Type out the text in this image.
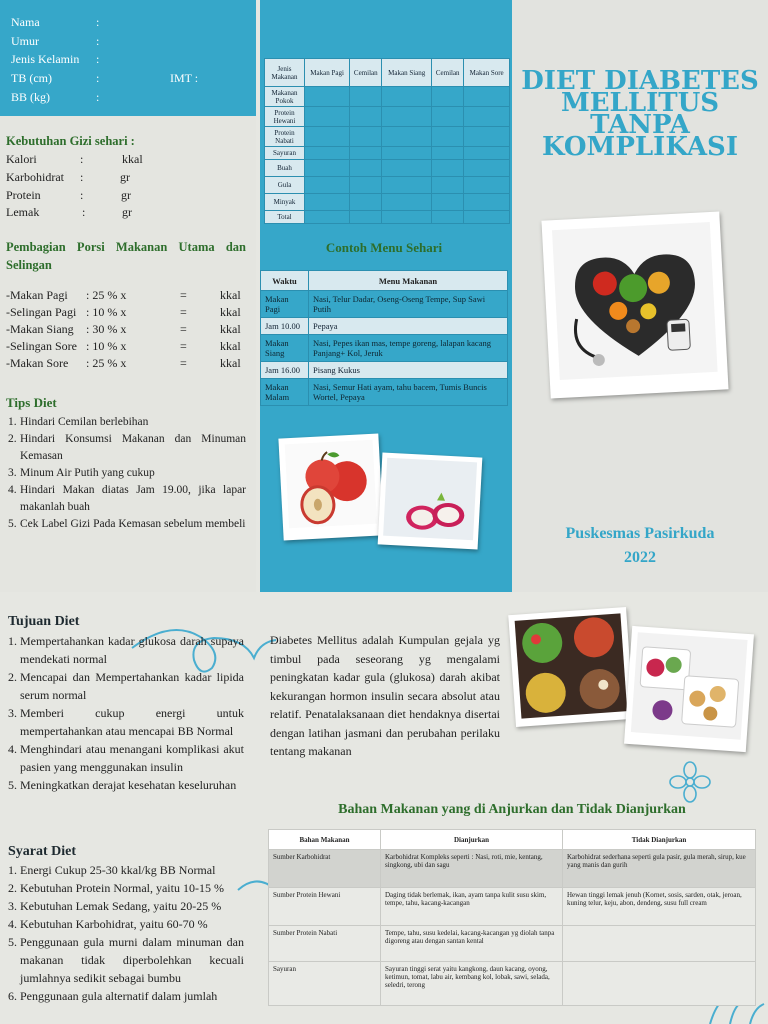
Nama	:
Umur	:
Jenis Kelamin :
TB (cm)	:	IMT :
BB (kg)	:
Kebutuhan Gizi sehari :
Kalori	:	kkal
Karbohidrat :	gr
Protein	:	gr
Lemak	:	gr
Pembagian Porsi Makanan Utama dan Selingan
-Makan Pagi : 25 % x	=	kkal
-Selingan Pagi : 10 % x	=	kkal
-Makan Siang : 30 % x	=	kkal
-Selingan Sore : 10 % x	=	kkal
-Makan Sore : 25 % x	=	kkal
Tips Diet
1. Hindari Cemilan berlebihan
2. Hindari Konsumsi Makanan dan Minuman Kemasan
3. Minum Air Putih yang cukup
4. Hindari Makan diatas Jam 19.00, jika lapar makanlah buah
5. Cek Label Gizi Pada Kemasan sebelum membeli
Jenis Makanan	Makan Pagi	Cemilan	Makan Siang	Cemilan	Makan Sore
Makanan Pokok					
Protein Hewani					
Protein Nabati					
Sayuran					
Buah					
Gula					
Minyak					
Total					
Contoh Menu Sehari
Waktu	Menu Makanan
Makan Pagi	Nasi, Telur Dadar, Oseng-Oseng Tempe, Sup Sawi Putih
Jam 10.00	Pepaya
Makan Siang	Nasi, Pepes ikan mas, tempe goreng, lalapan kacang Panjang+ Kol, Jeruk
Jam 16.00	Pisang Kukus
Makan Malam	Nasi, Semur Hati ayam, tahu bacem, Tumis Buncis Wortel, Pepaya
DIET DIABETES
MELLITUS
TANPA
KOMPLIKASI
Puskesmas Pasirkuda
2022
Tujuan Diet
1. Mempertahankan kadar glukosa darah supaya mendekati normal
2. Mencapai dan Mempertahankan kadar lipida serum normal
3. Memberi cukup energi untuk mempertahankan atau mencapai BB Normal
4. Menghindari atau menangani komplikasi akut pasien yang menggunakan insulin
5. Meningkatkan derajat kesehatan keseluruhan
Syarat Diet
1. Energi Cukup 25-30 kkal/kg BB Normal
2. Kebutuhan Protein Normal, yaitu 10-15 %
3. Kebutuhan Lemak Sedang, yaitu 20-25 %
4. Kebutuhan Karbohidrat, yaitu 60-70 %
5. Penggunaan gula murni dalam minuman dan makanan tidak diperbolehkan kecuali jumlahnya sedikit sebagai bumbu
6. Penggunaan gula alternatif dalam jumlah
Diabetes Mellitus adalah Kumpulan gejala yg timbul pada seseorang yg mengalami peningkatan kadar gula (glukosa) darah akibat kekurangan hormon insulin secara absolut atau relatif. Penatalaksanaan diet hendaknya disertai dengan latihan jasmani dan perubahan perilaku tentang makanan
Bahan Makanan yang di Anjurkan dan Tidak Dianjurkan
Bahan Makanan	Dianjurkan	Tidak Dianjurkan
Sumber Karbohidrat	Karbohidrat Kompleks seperti : Nasi, roti, mie, kentang, singkong, ubi dan sagu	Karbohidrat sederhana seperti gula pasir, gula merah, sirup, kue yang manis dan gurih
Sumber Protein Hewani	Daging tidak berlemak, ikan, ayam tanpa kulit susu skim, tempe, tahu, kacang-kacangan	Hewan tinggi lemak jenuh (Kornet, sosis, sarden, otak, jeroan, kuning telur, keju, abon, dendeng, susu full cream
Sumber Protein Nabati	Tempe, tahu, susu kedelai, kacang-kacangan yg diolah tanpa digoreng atau dengan santan kental	
Sayuran	Sayuran tinggi serat yaitu kangkong, daun kacang, oyong, ketimun, tomat, labu air, kembang kol, lobak, sawi, selada, seledri, terong	
